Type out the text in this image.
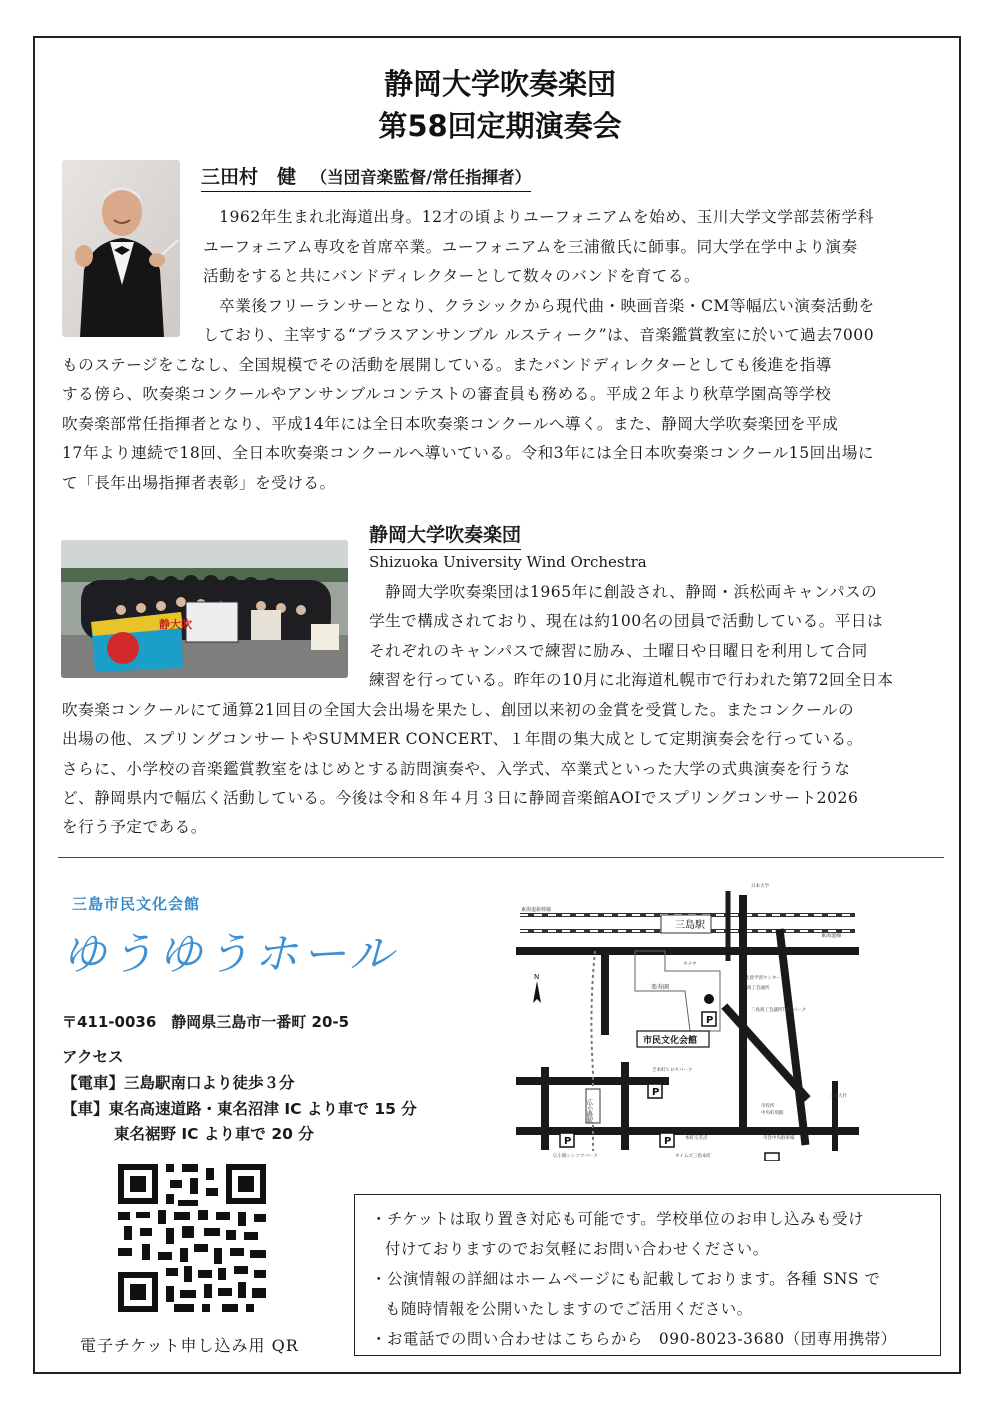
静岡大学吹奏楽団
第58回定期演奏会
三田村　健 （当団音楽監督/常任指揮者）

　1962年生まれ北海道出身。12才の頃よりユーフォニアムを始め、玉川大学文学部芸術学科

ユーフォニアム専攻を首席卒業。ユーフォニアムを三浦徹氏に師事。同大学在学中より演奏

活動をすると共にバンドディレクターとして数々のバンドを育てる。

　卒業後フリーランサーとなり、クラシックから現代曲・映画音楽・CM等幅広い演奏活動を

しており、主宰する“ブラスアンサンブル ルスティーク”は、音楽鑑賞教室に於いて過去7000

ものステージをこなし、全国規模でその活動を展開している。またバンドディレクターとしても後進を指導

する傍ら、吹奏楽コンクールやアンサンブルコンテストの審査員も務める。平成２年より秋草学園高等学校

吹奏楽部常任指揮者となり、平成14年には全日本吹奏楽コンクールへ導く。また、静岡大学吹奏楽団を平成

17年より連続で18回、全日本吹奏楽コンクールへ導いている。令和3年には全日本吹奏楽コンクール15回出場に

て「長年出場指揮者表彰」を受ける。

静大吹
静岡大学吹奏楽団
Shizuoka University Wind Orchestra

　静岡大学吹奏楽団は1965年に創設され、静岡・浜松両キャンパスの

学生で構成されており、現在は約100名の団員で活動している。平日は

それぞれのキャンパスで練習に励み、土曜日や日曜日を利用して合同

練習を行っている。昨年の10月に北海道札幌市で行われた第72回全日本

吹奏楽コンクールにて通算21回目の全国大会出場を果たし、創団以来初の金賞を受賞した。またコンクールの

出場の他、スプリングコンサートやSUMMER CONCERT、１年間の集大成として定期演奏会を行っている。

さらに、小学校の音楽鑑賞教室をはじめとする訪問演奏や、入学式、卒業式といった大学の式典演奏を行うな

ど、静岡県内で幅広く活動している。今後は令和８年４月３日に静岡音楽館AOIでスプリングコンサート2026

を行う予定である。

三島市民文化会館
ゆうゆうホール
〒411-0036　静岡県三島市一番町 20-5
アクセス
【電車】三島駅南口より徒歩３分
【車】東名高速道路・東名沼津 IC より車で 15 分
東名裾野 IC より車で 20 分
電子チケット申し込み用 QR
東海道新幹線
東海道線
三島駅
広小路駅
楽寿園
市民文化会館
N
P
P
P	P
日本大学
カメヤ
生涯学習センター
商工会議所
三島商工会議所TMOパーク
芝本町ヒロセパーク
市役所
中央町別館
本町交差点
タイムズ三島本町
広小路シンコウパーク
市営中央駐車場
三島大社

・チケットは取り置き対応も可能です。学校単位のお申し込みも受け

付けておりますのでお気軽にお問い合わせください。

・公演情報の詳細はホームページにも記載しております。各種 SNS で

も随時情報を公開いたしますのでご活用ください。

・お電話での問い合わせはこちらから　090-8023-3680（団専用携帯）
